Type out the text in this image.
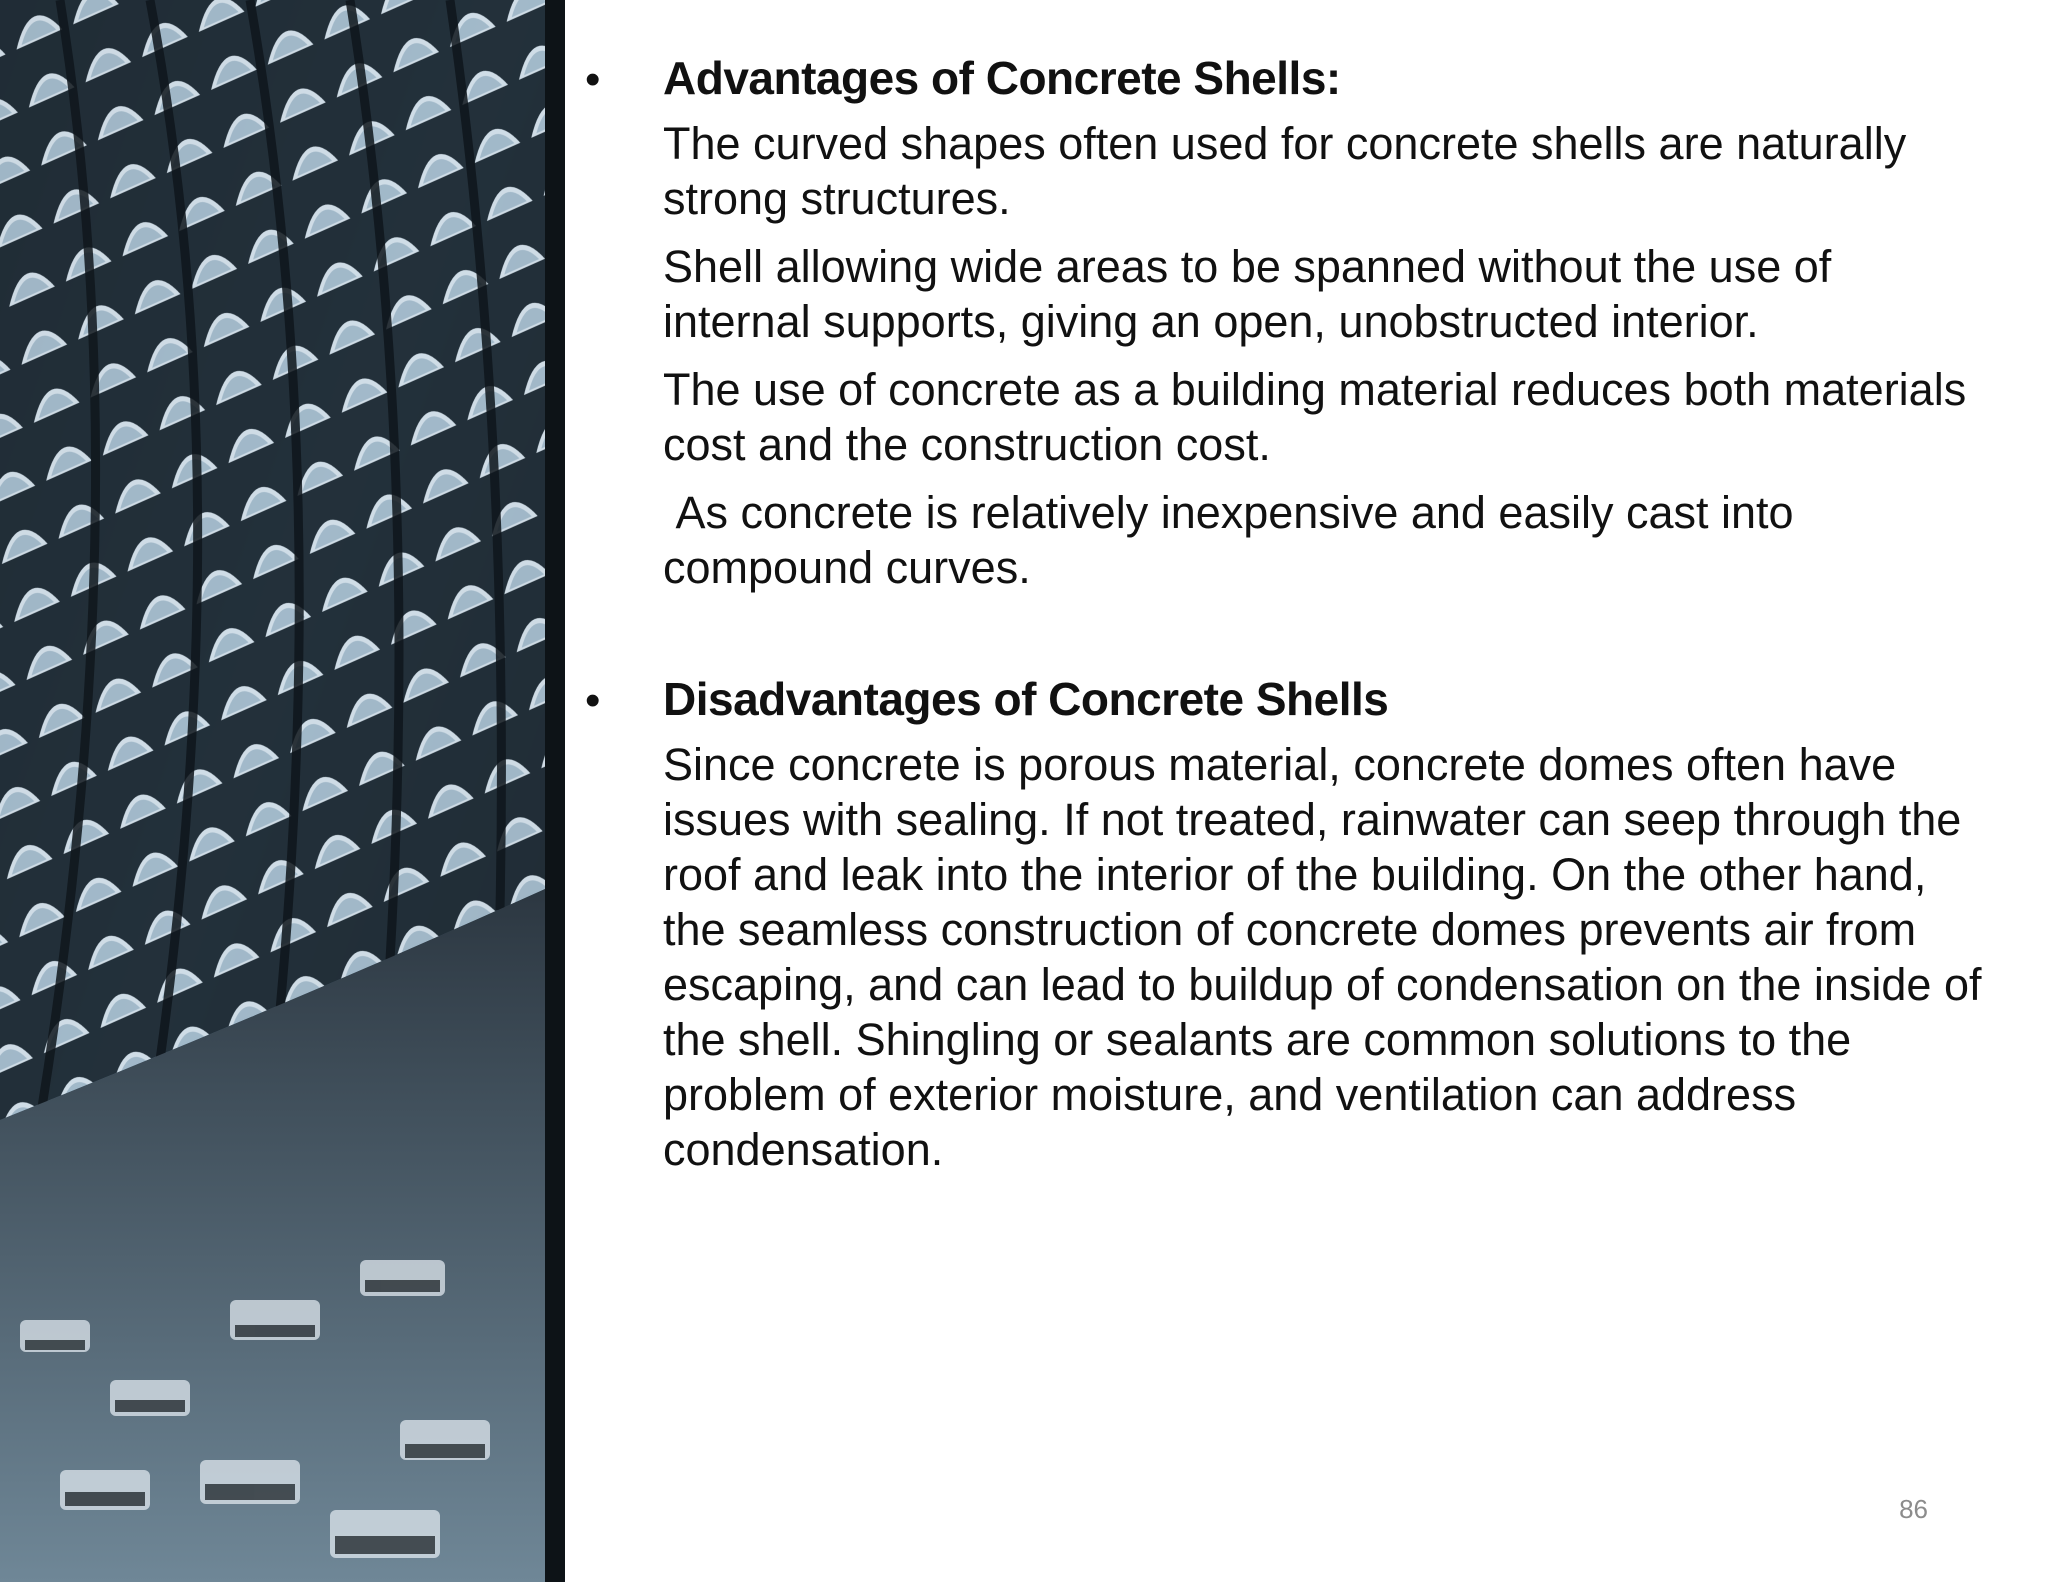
• Advantages of Concrete Shells:
The curved shapes often used for concrete shells are naturally strong structures.
Shell allowing wide areas to be spanned without the use of internal supports, giving an open, unobstructed interior.
The use of concrete as a building material reduces both materials cost and the construction cost.
As concrete is relatively inexpensive and easily cast into compound curves.
• Disadvantages of Concrete Shells
Since concrete is porous material, concrete domes often have issues with sealing. If not treated, rainwater can seep through the roof and leak into the interior of the building. On the other hand, the seamless construction of concrete domes prevents air from escaping, and can lead to buildup of condensation on the inside of the shell. Shingling or sealants are common solutions to the problem of exterior moisture, and ventilation can address condensation.
86
